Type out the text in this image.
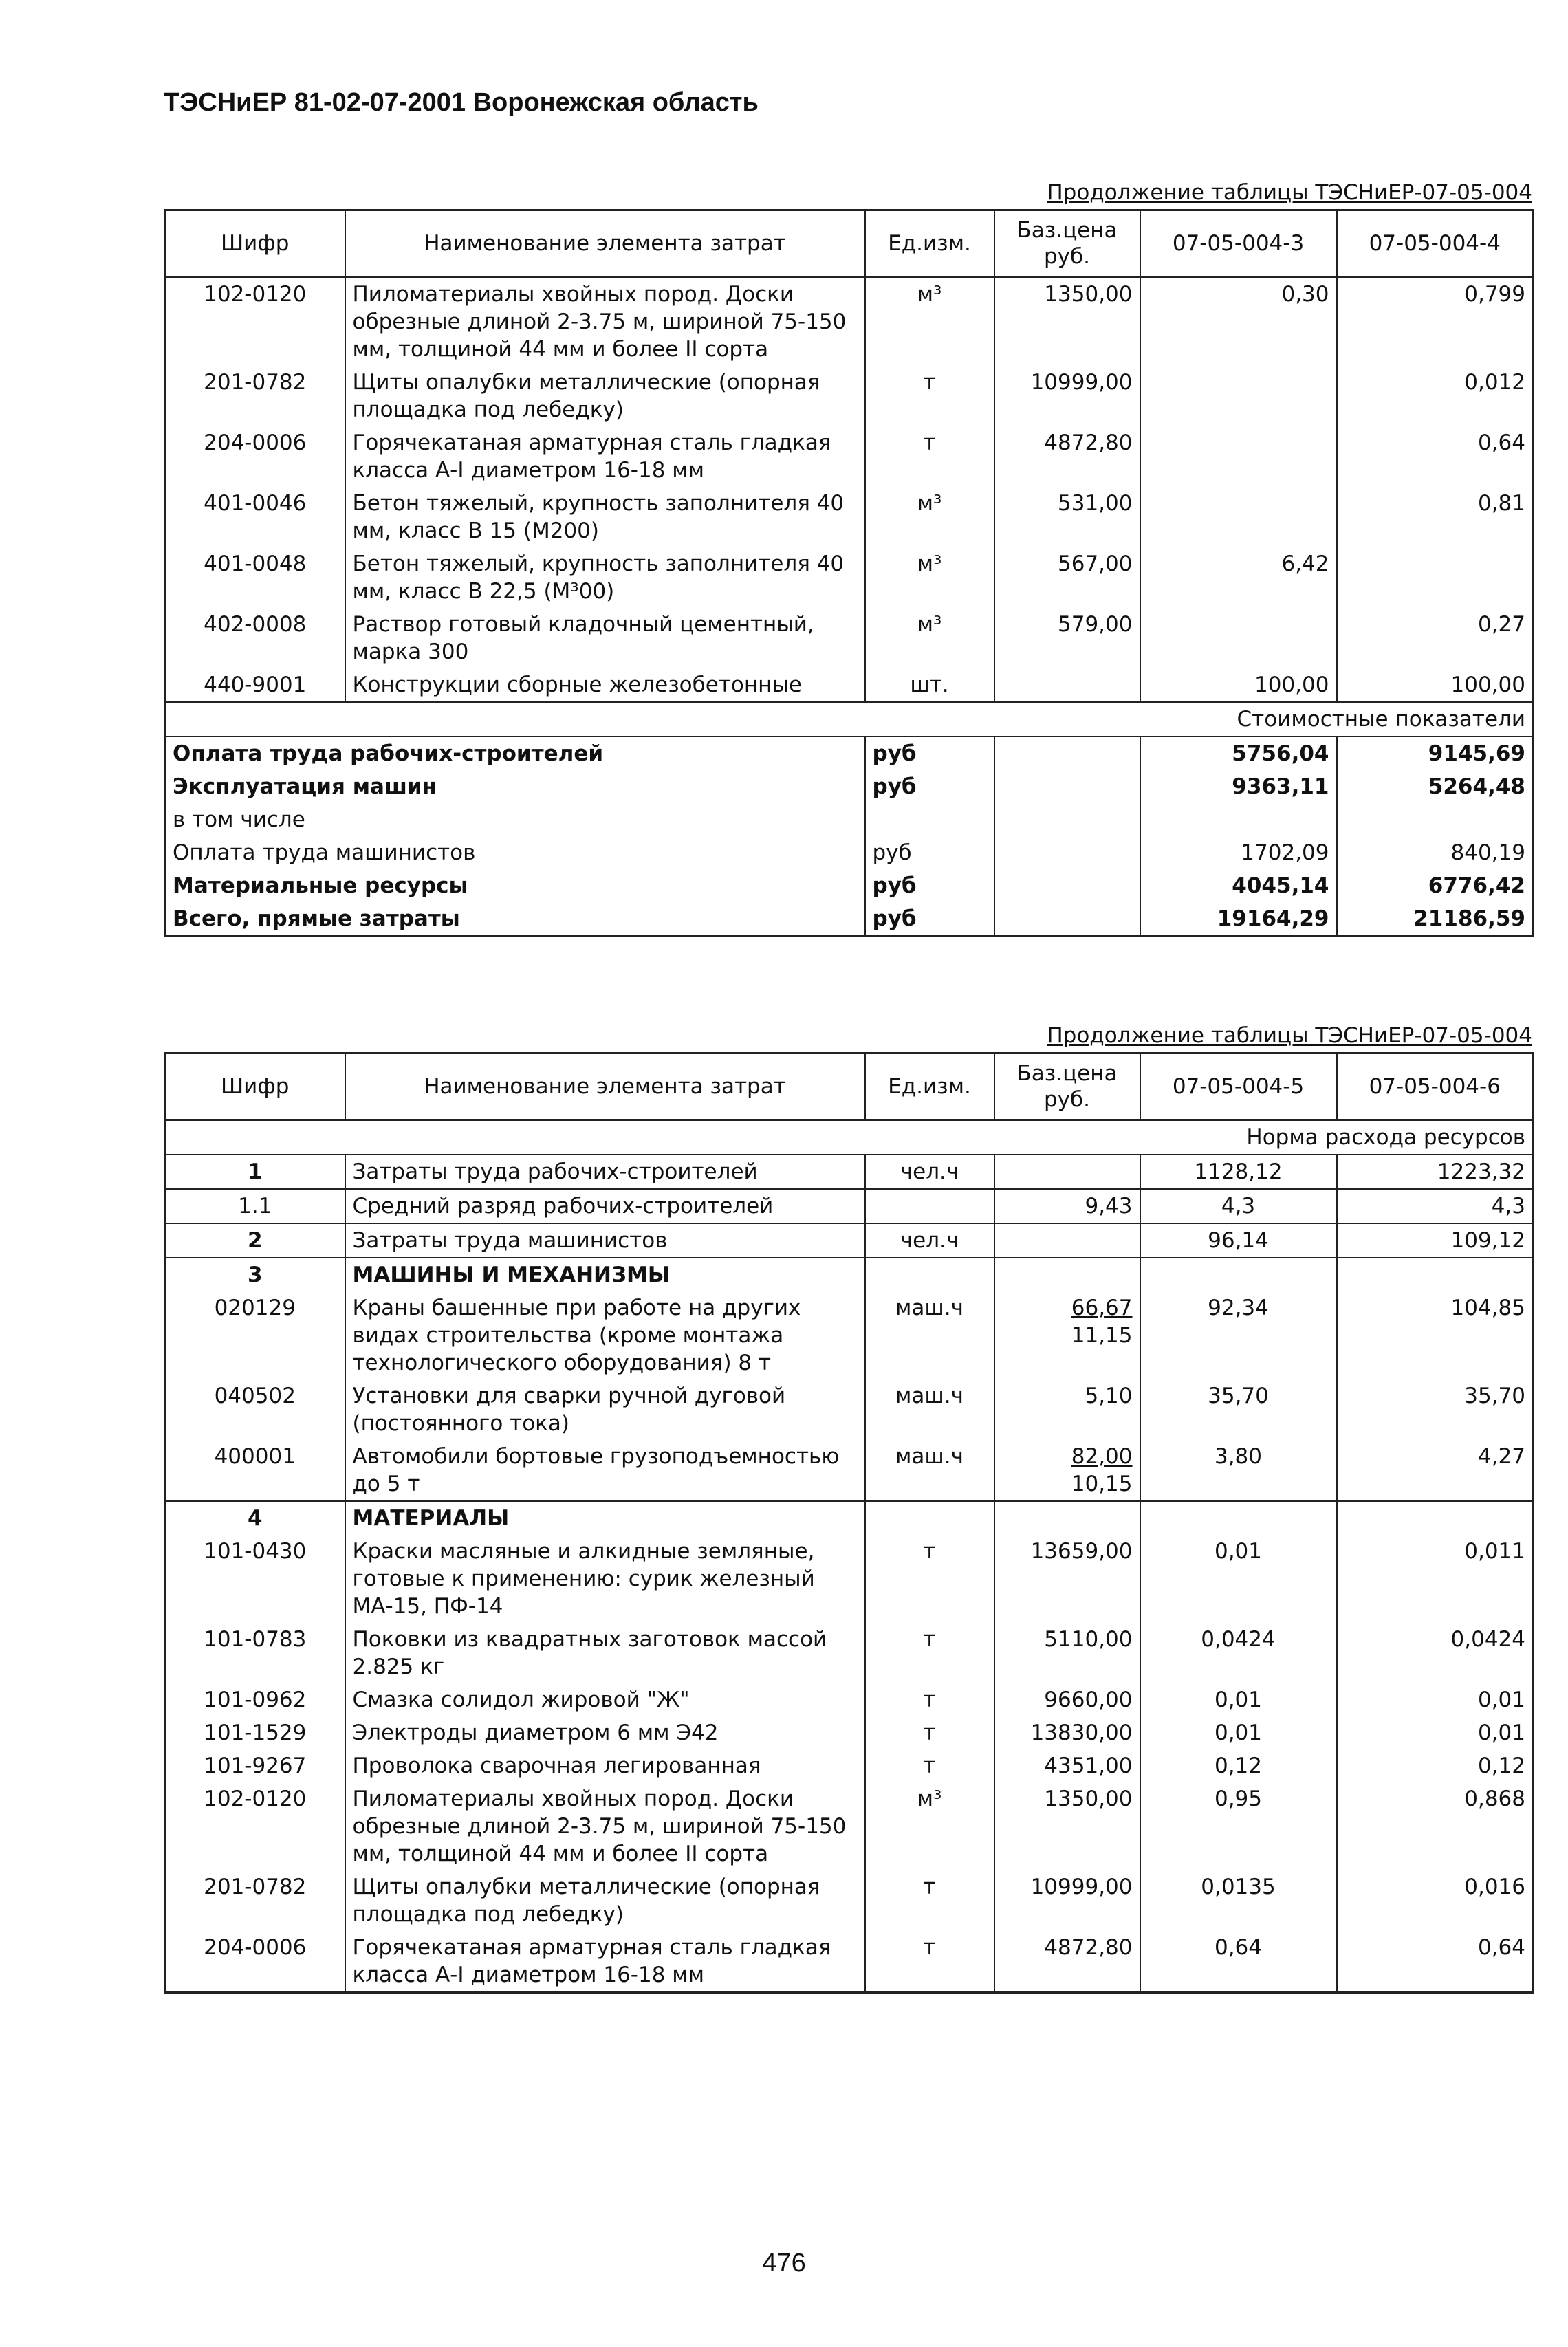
ТЭСНиЕР 81-02-07-2001 Воронежская область
Продолжение таблицы ТЭСНиЕР-07-05-004
Шифр	Наименование элемента затрат	Ед.изм.	Баз.цена руб.	07-05-004-3	07-05-004-4
102-0120	Пиломатериалы хвойных пород. Доски обрезные длиной 2-3.75 м, шириной 75-150 мм, толщиной 44 мм и более II сорта	м³	1350,00	0,30	0,799
201-0782	Щиты опалубки металлические (опорная площадка под лебедку)	т	10999,00		0,012
204-0006	Горячекатаная арматурная сталь гладкая класса А-I диаметром 16-18 мм	т	4872,80		0,64
401-0046	Бетон тяжелый, крупность заполнителя 40 мм, класс В 15 (М200)	м³	531,00		0,81
401-0048	Бетон тяжелый, крупность заполнителя 40 мм, класс В 22,5 (М³00)	м³	567,00	6,42	
402-0008	Раствор готовый кладочный цементный, марка 300	м³	579,00		0,27
440-9001	Конструкции сборные железобетонные	шт.		100,00	100,00
Стоимостные показатели					
Оплата труда рабочих-строителей		руб		5756,04	9145,69
Эксплуатация машин		руб		9363,11	5264,48
в том числе					
Оплата труда машинистов		руб		1702,09	840,19
Материальные ресурсы		руб		4045,14	6776,42
Всего, прямые затраты		руб		19164,29	21186,59
Продолжение таблицы ТЭСНиЕР-07-05-004
Шифр	Наименование элемента затрат	Ед.изм.	Баз.цена руб.	07-05-004-5	07-05-004-6
Норма расхода ресурсов					
1	Затраты труда рабочих-строителей	чел.ч		1128,12	1223,32
1.1	Средний разряд рабочих-строителей		9,43	4,3	4,3
2	Затраты труда машинистов	чел.ч		96,14	109,12
3	МАШИНЫ И МЕХАНИЗМЫ				
020129	Краны башенные при работе на других видах строительства (кроме монтажа технологического оборудования) 8 т	маш.ч	$\frac{66,67}{11,15}$	92,34	104,85
040502	Установки для сварки ручной дуговой (постоянного тока)	маш.ч	5,10	35,70	35,70
400001	Автомобили бортовые грузоподъемностью до 5 т	маш.ч	$\frac{82,00}{10,15}$	3,80	4,27
4	МАТЕРИАЛЫ				
101-0430	Краски масляные и алкидные земляные, готовые к применению: сурик железный МА-15, ПФ-14	т	13659,00	0,01	0,011
101-0783	Поковки из квадратных заготовок массой 2.825 кг	т	5110,00	0,0424	0,0424
101-0962	Смазка солидол жировой "Ж"	т	9660,00	0,01	0,01
101-1529	Электроды диаметром 6 мм Э42	т	13830,00	0,01	0,01
101-9267	Проволока сварочная легированная	т	4351,00	0,12	0,12
102-0120	Пиломатериалы хвойных пород. Доски обрезные длиной 2-3.75 м, шириной 75-150 мм, толщиной 44 мм и более II сорта	м³	1350,00	0,95	0,868
201-0782	Щиты опалубки металлические (опорная площадка под лебедку)	т	10999,00	0,0135	0,016
204-0006	Горячекатаная арматурная сталь гладкая класса А-I диаметром 16-18 мм	т	4872,80	0,64	0,64
476
